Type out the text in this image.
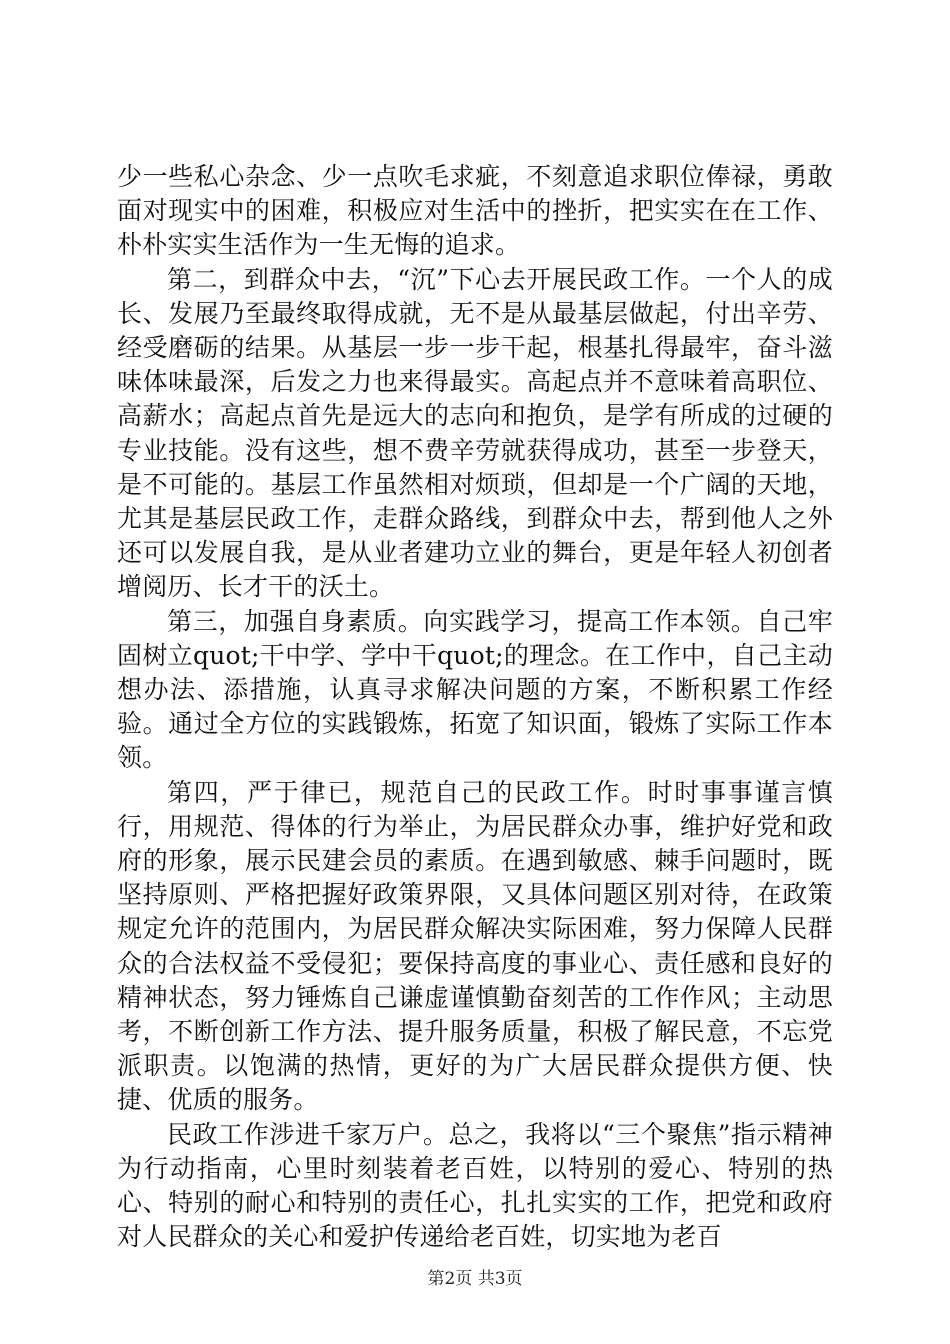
少一些私心杂念、少一点吹毛求疵，不刻意追求职位俸禄，勇敢面对现实中的困难，积极应对生活中的挫折，把实实在在工作、朴朴实实生活作为一生无悔的追求。

第二，到群众中去，“沉”下心去开展民政工作。一个人的成长、发展乃至最终取得成就，无不是从最基层做起，付出辛劳、经受磨砺的结果。从基层一步一步干起，根基扎得最牢，奋斗滋味体味最深，后发之力也来得最实。高起点并不意味着高职位、高薪水；高起点首先是远大的志向和抱负，是学有所成的过硬的专业技能。没有这些，想不费辛劳就获得成功，甚至一步登天，是不可能的。基层工作虽然相对烦琐，但却是一个广阔的天地，尤其是基层民政工作，走群众路线，到群众中去，帮到他人之外还可以发展自我，是从业者建功立业的舞台，更是年轻人初创者增阅历、长才干的沃土。

第三，加强自身素质。向实践学习，提高工作本领。自己牢固树立quot;干中学、学中干quot;的理念。在工作中，自己主动想办法、添措施，认真寻求解决问题的方案，不断积累工作经验。通过全方位的实践锻炼，拓宽了知识面，锻炼了实际工作本领。

第四，严于律已，规范自己的民政工作。时时事事谨言慎行，用规范、得体的行为举止，为居民群众办事，维护好党和政府的形象，展示民建会员的素质。在遇到敏感、棘手问题时，既坚持原则、严格把握好政策界限，又具体问题区别对待，在政策规定允许的范围内，为居民群众解决实际困难，努力保障人民群众的合法权益不受侵犯；要保持高度的事业心、责任感和良好的精神状态，努力锤炼自己谦虚谨慎勤奋刻苦的工作作风；主动思考，不断创新工作方法、提升服务质量，积极了解民意，不忘党派职责。以饱满的热情，更好的为广大居民群众提供方便、快捷、优质的服务。

民政工作涉进千家万户。总之，我将以“三个聚焦”指示精神为行动指南，心里时刻装着老百姓，以特别的爱心、特别的热心、特别的耐心和特别的责任心，扎扎实实的工作，把党和政府对人民群众的关心和爱护传递给老百姓，切实地为老百

第2页 共3页
